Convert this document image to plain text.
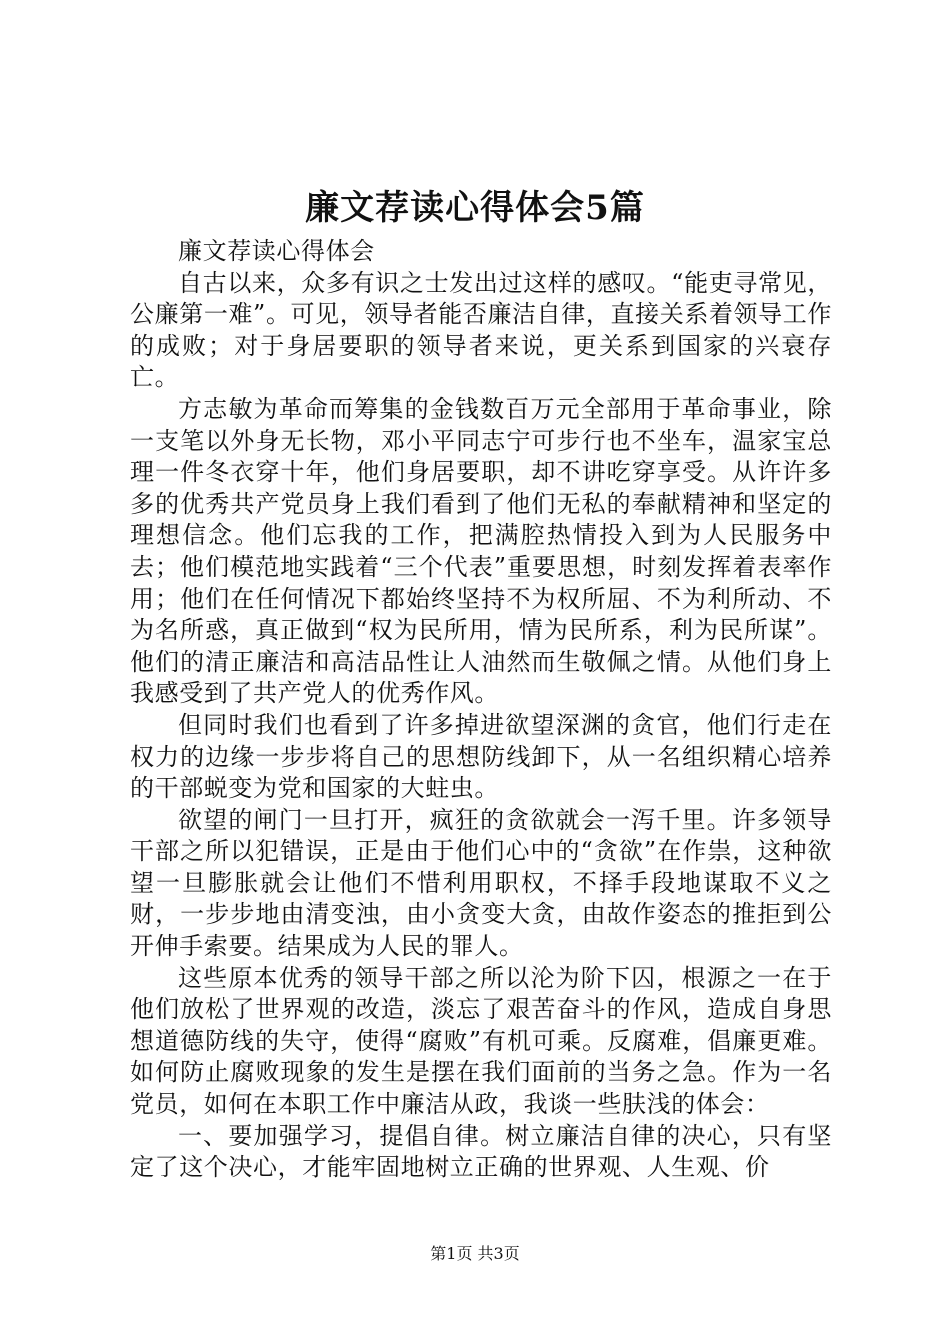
廉文荐读心得体会5篇

廉文荐读心得体会

自古以来，众多有识之士发出过这样的感叹。“能吏寻常见，公廉第一难”。可见，领导者能否廉洁自律，直接关系着领导工作的成败；对于身居要职的领导者来说，更关系到国家的兴衰存亡。

方志敏为革命而筹集的金钱数百万元全部用于革命事业，除一支笔以外身无长物，邓小平同志宁可步行也不坐车，温家宝总理一件冬衣穿十年，他们身居要职，却不讲吃穿享受。从许许多多的优秀共产党员身上我们看到了他们无私的奉献精神和坚定的理想信念。他们忘我的工作，把满腔热情投入到为人民服务中去；他们模范地实践着“三个代表”重要思想，时刻发挥着表率作用；他们在任何情况下都始终坚持不为权所屈、不为利所动、不为名所惑，真正做到“权为民所用，情为民所系，利为民所谋”。他们的清正廉洁和高洁品性让人油然而生敬佩之情。从他们身上我感受到了共产党人的优秀作风。

但同时我们也看到了许多掉进欲望深渊的贪官，他们行走在权力的边缘一步步将自己的思想防线卸下，从一名组织精心培养的干部蜕变为党和国家的大蛀虫。

欲望的闸门一旦打开，疯狂的贪欲就会一泻千里。许多领导干部之所以犯错误，正是由于他们心中的“贪欲”在作祟，这种欲望一旦膨胀就会让他们不惜利用职权，不择手段地谋取不义之财，一步步地由清变浊，由小贪变大贪，由故作姿态的推拒到公开伸手索要。结果成为人民的罪人。

这些原本优秀的领导干部之所以沦为阶下囚，根源之一在于他们放松了世界观的改造，淡忘了艰苦奋斗的作风，造成自身思想道德防线的失守，使得“腐败”有机可乘。反腐难，倡廉更难。如何防止腐败现象的发生是摆在我们面前的当务之急。作为一名党员，如何在本职工作中廉洁从政，我谈一些肤浅的体会：

一、要加强学习，提倡自律。树立廉洁自律的决心，只有坚定了这个决心，才能牢固地树立正确的世界观、人生观、价

第1页 共3页
